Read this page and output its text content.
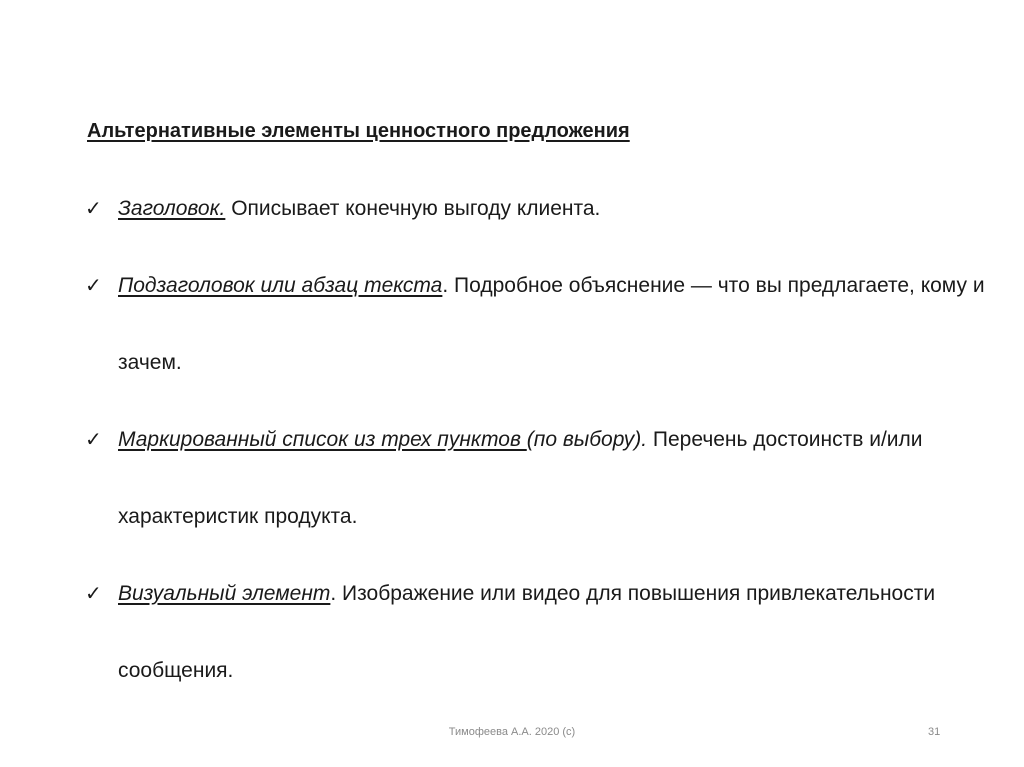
Альтернативные элементы ценностного предложения
✓ Заголовок. Описывает конечную выгоду клиента.
✓ Подзаголовок или абзац текста. Подробное объяснение — что вы предлагаете, кому и зачем.
✓ Маркированный список из трех пунктов (по выбору). Перечень достоинств и/или характеристик продукта.
✓ Визуальный элемент. Изображение или видео для повышения привлекательности сообщения.
Тимофеева А.А. 2020 (с)	31
